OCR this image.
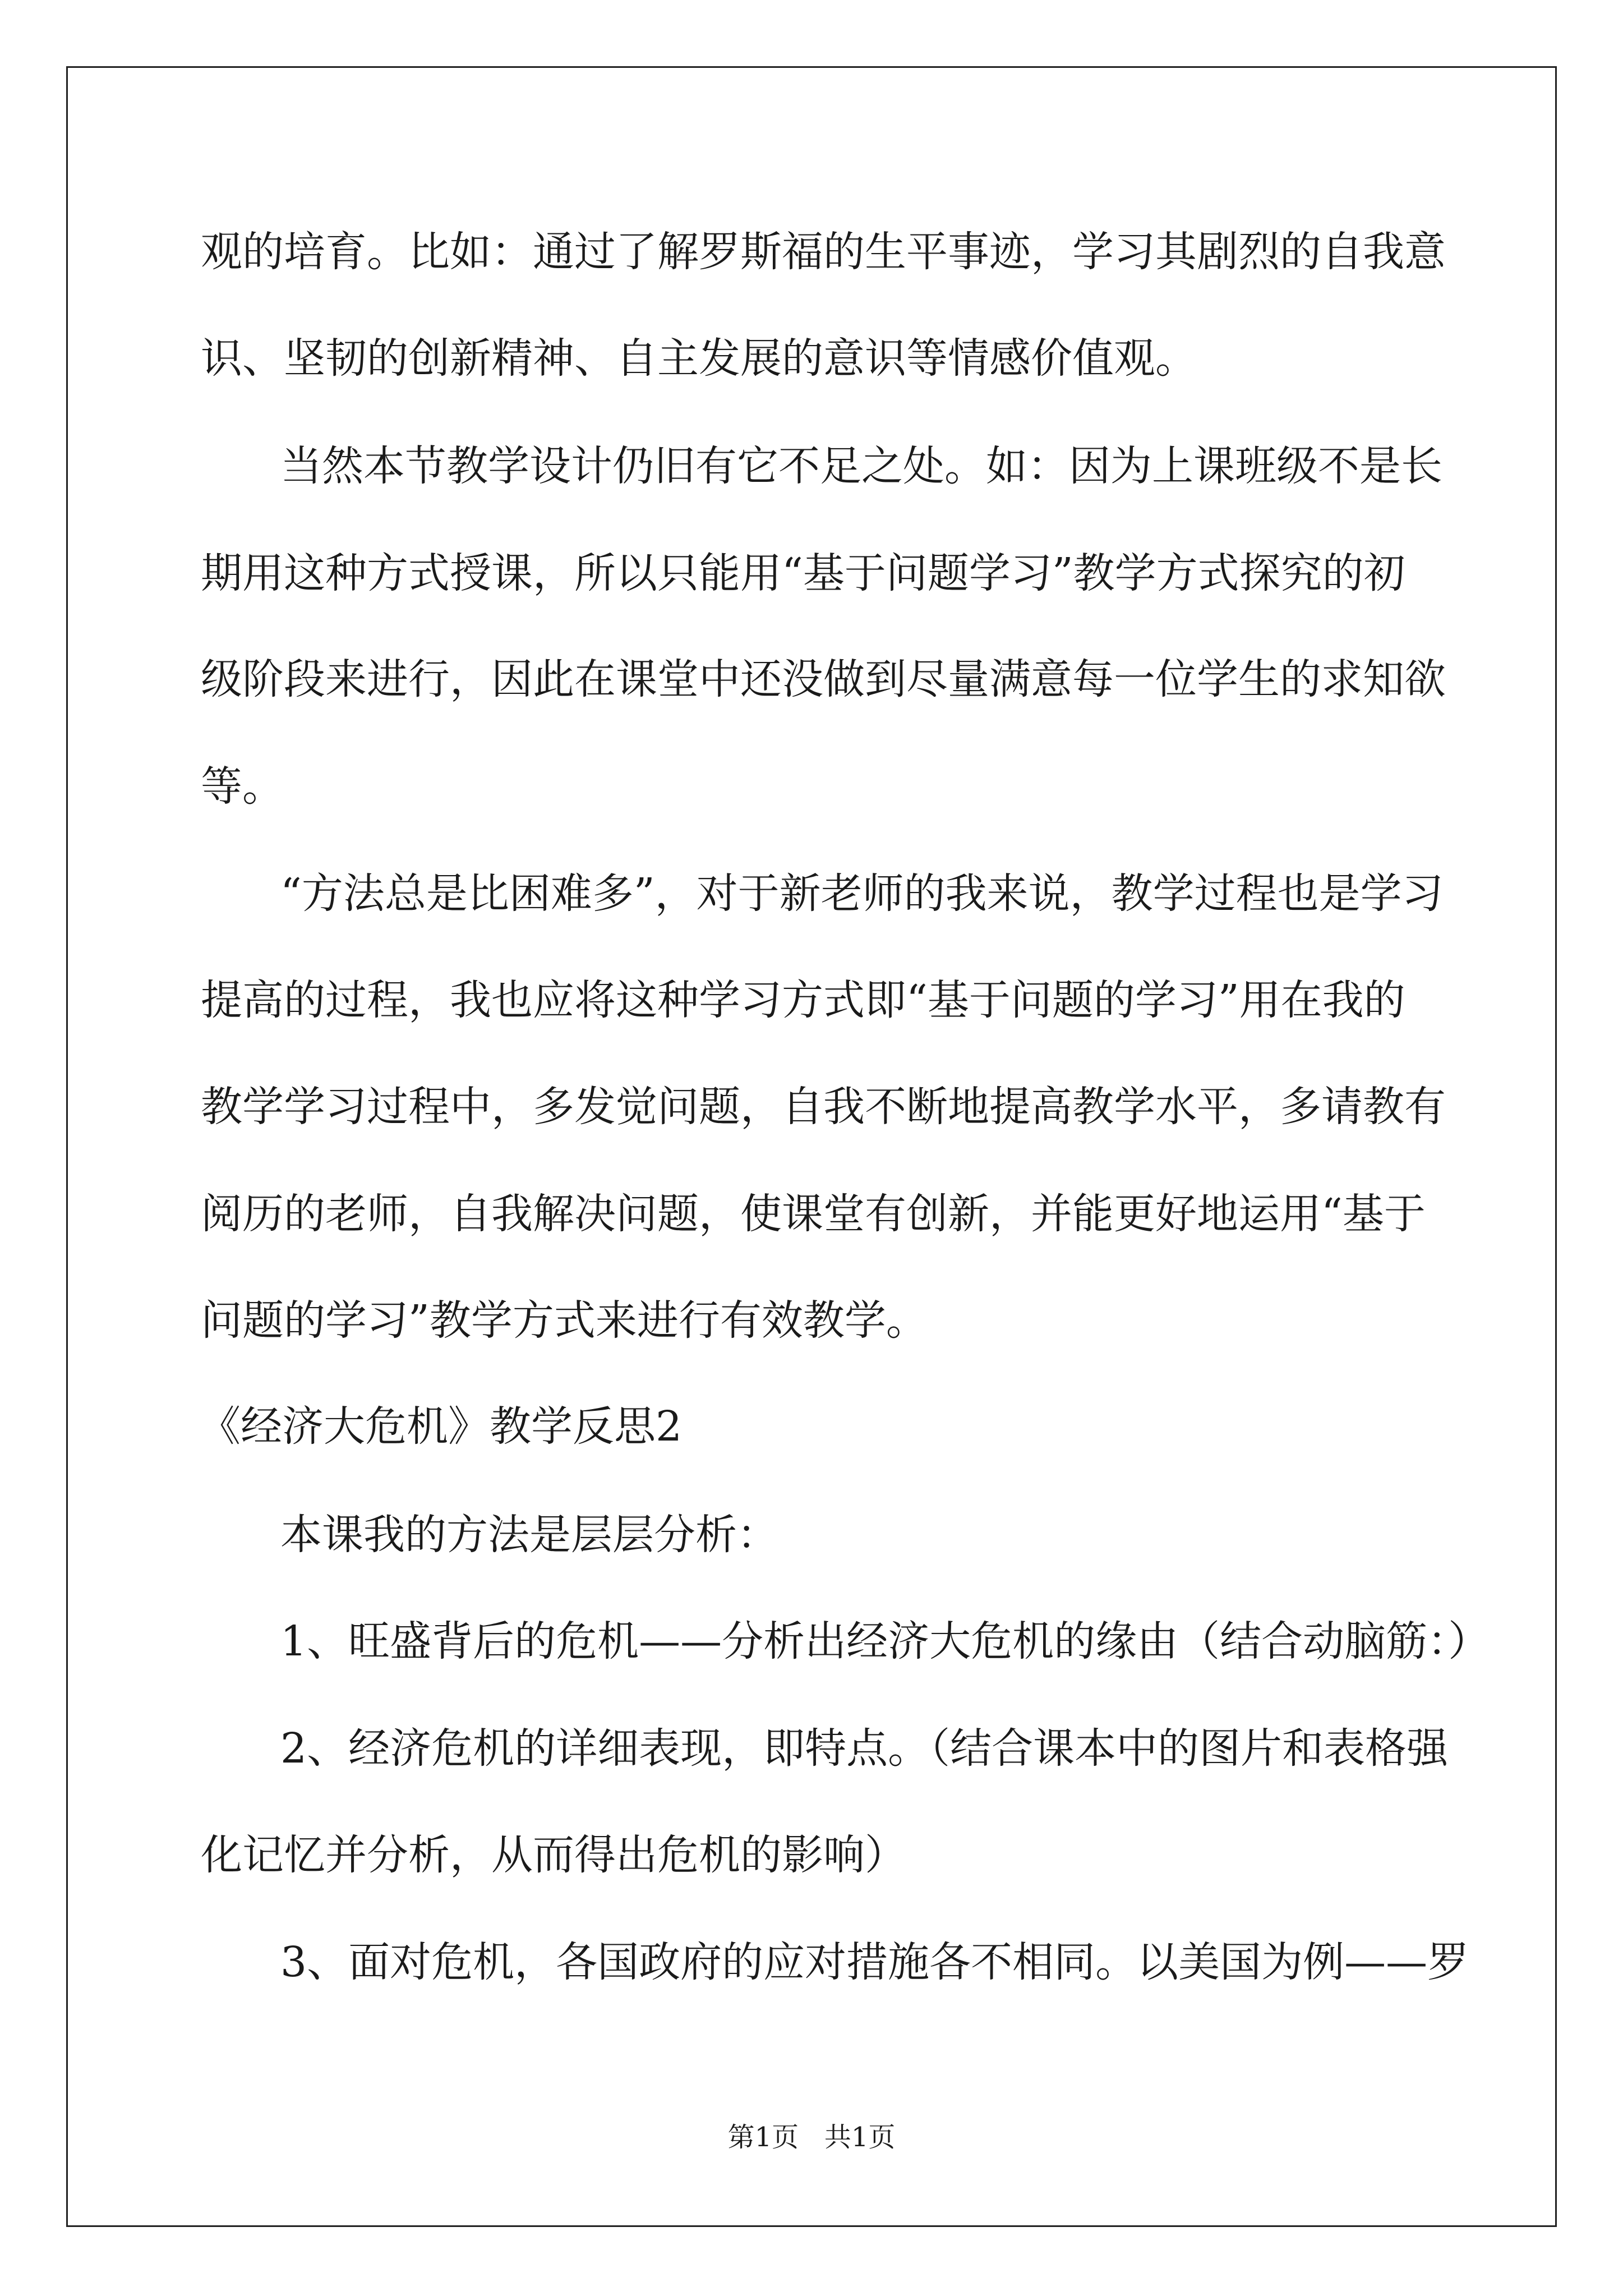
观的培育。比如：通过了解罗斯福的生平事迹，学习其剧烈的自我意
识、坚韧的创新精神、自主发展的意识等情感价值观。
当然本节教学设计仍旧有它不足之处。如：因为上课班级不是长
期用这种方式授课，所以只能用“基于问题学习”教学方式探究的初
级阶段来进行，因此在课堂中还没做到尽量满意每一位学生的求知欲
等。
“方法总是比困难多”，对于新老师的我来说，教学过程也是学习
提高的过程，我也应将这种学习方式即“基于问题的学习”用在我的
教学学习过程中，多发觉问题，自我不断地提高教学水平，多请教有
阅历的老师，自我解决问题，使课堂有创新，并能更好地运用“基于
问题的学习”教学方式来进行有效教学。
《经济大危机》教学反思2
本课我的方法是层层分析：
1、旺盛背后的危机——分析出经济大危机的缘由（结合动脑筋：）
2、经济危机的详细表现，即特点。（结合课本中的图片和表格强
化记忆并分析，从而得出危机的影响）
3、面对危机，各国政府的应对措施各不相同。以美国为例——罗
第1页   共1页
